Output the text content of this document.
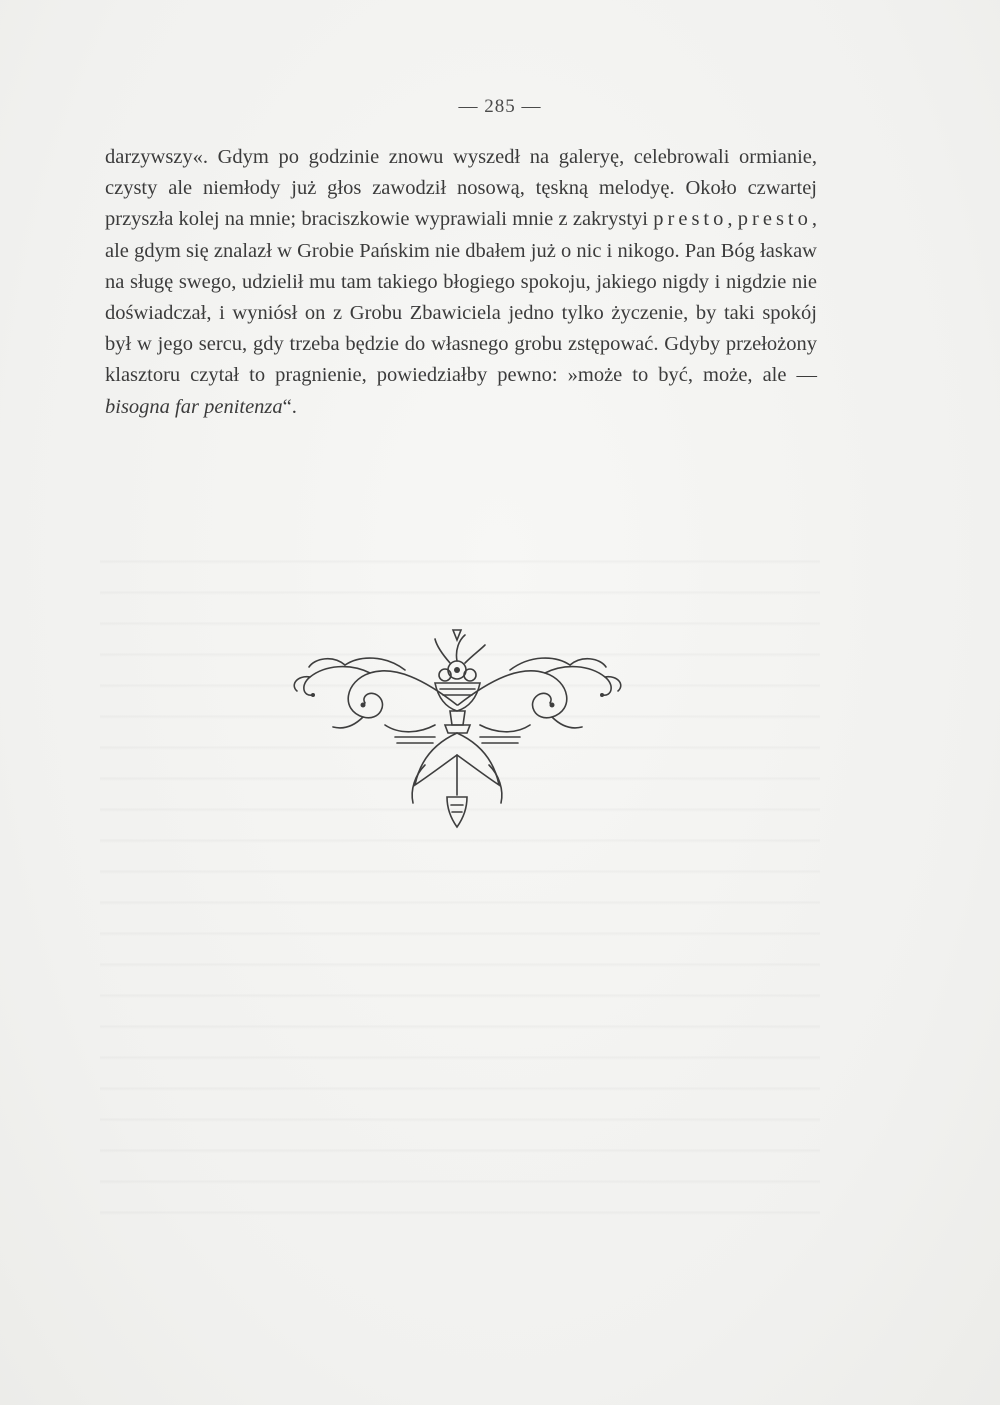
— 285 —

darzywszy«. Gdym po godzinie znowu wyszedł na galeryę, celebrowali ormianie, czysty ale niemłody już głos zawodził nosową, tęskną melodyę. Około czwartej przyszła kolej na mnie; braciszkowie wyprawiali mnie z zakrystyi presto, presto, ale gdym się znalazł w Grobie Pańskim nie dbałem już o nic i nikogo. Pan Bóg łaskaw na sługę swego, udzielił mu tam takiego błogiego spokoju, jakiego nigdy i nigdzie nie doświadczał, i wyniósł on z Grobu Zbawiciela jedno tylko życzenie, by taki spokój był w jego sercu, gdy trzeba będzie do własnego grobu zstępować. Gdyby przełożony klasztoru czytał to pragnienie, powiedziałby pewno: »może to być, może, ale — bisogna far penitenza“.
